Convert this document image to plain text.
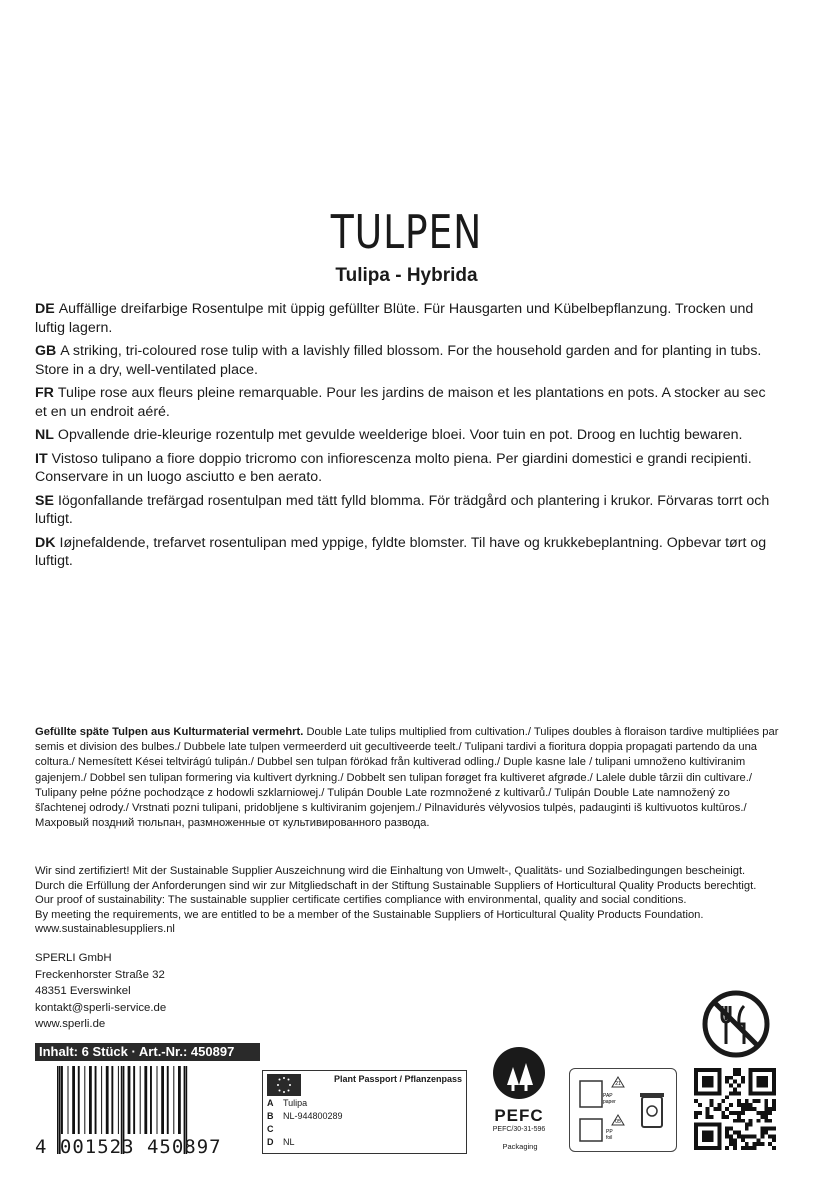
TULPEN
Tulipa - Hybrida

DE Auffällige dreifarbige Rosentulpe mit üppig gefüllter Blüte. Für Hausgarten und Kübelbepflanzung. Trocken und luftig lagern.

GB A striking, tri-coloured rose tulip with a lavishly filled blossom. For the household garden and for planting in tubs. Store in a dry, well-ventilated place.

FR Tulipe rose aux fleurs pleine remarquable. Pour les jardins de maison et les plantations en pots. A stocker au sec et en un endroit aéré.

NL Opvallende drie-kleurige rozentulp met gevulde weelderige bloei. Voor tuin en pot. Droog en luchtig bewaren.

IT Vistoso tulipano a fiore doppio tricromo con infiorescenza molto piena. Per giardini domestici e grandi recipienti. Conservare in un luogo asciutto e ben aerato.

SE Iögonfallande trefärgad rosentulpan med tätt fylld blomma. För trädgård och plantering i krukor. Förvaras torrt och luftigt.

DK Iøjnefaldende, trefarvet rosentulipan med yppige, fyldte blomster. Til have og krukkebeplantning. Opbevar tørt og luftigt.

Gefüllte späte Tulpen aus Kulturmaterial vermehrt. Double Late tulips multiplied from cultivation./ Tulipes doubles à floraison tardive multipliées par semis et division des bulbes./ Dubbele late tulpen vermeerderd uit gecultiveerde teelt./ Tulipani tardivi a fioritura doppia propagati partendo da una coltura./ Nemesített Kései teltvirágú tulipán./ Dubbel sen tulpan förökad från kultiverad odling./ Duple kasne lale / tulipani umnoženo kultiviranim gajenjem./ Dobbel sen tulipan formering via kultivert dyrkning./ Dobbelt sen tulipan forøget fra kultiveret afgrøde./ Lalele duble târzii din cultivare./ Tulipany pełne późne pochodzące z hodowli szklarniowej./ Tulipán Double Late rozmnožené z kultivarů./ Tulipán Double Late namnožený zo šľachtenej odrody./ Vrstnati pozni tulipani, pridobljene s kultiviranim gojenjem./ Pilnavidurės vėlyvosios tulpės, padauginti iš kultivuotos kultūros./ Махровый поздний тюльпан, размноженные от культивированного развода.
Wir sind zertifiziert! Mit der Sustainable Supplier Auszeichnung wird die Einhaltung von Umwelt-, Qualitäts- und Sozialbedingungen bescheinigt.
Durch die Erfüllung der Anforderungen sind wir zur Mitgliedschaft in der Stiftung Sustainable Suppliers of Horticultural Quality Products berechtigt.
Our proof of sustainability: The sustainable supplier certificate certifies compliance with environmental, quality and social conditions.
By meeting the requirements, we are entitled to be a member of the Sustainable Suppliers of Horticultural Quality Products Foundation.
www.sustainablesuppliers.nl
SPERLI GmbH
Freckenhorster Straße 32
48351 Everswinkel
kontakt@sperli-service.de
www.sperli.de
Inhalt: 6 Stück · Art.-Nr.: 450897
4 001523 450897
Plant Passport / Pflanzenpass
A Tulipa
B NL-944800289
C
D NL
PEFC
PEFC/30-31-596
Packaging
21
PAP
paper
05
PP
foil
